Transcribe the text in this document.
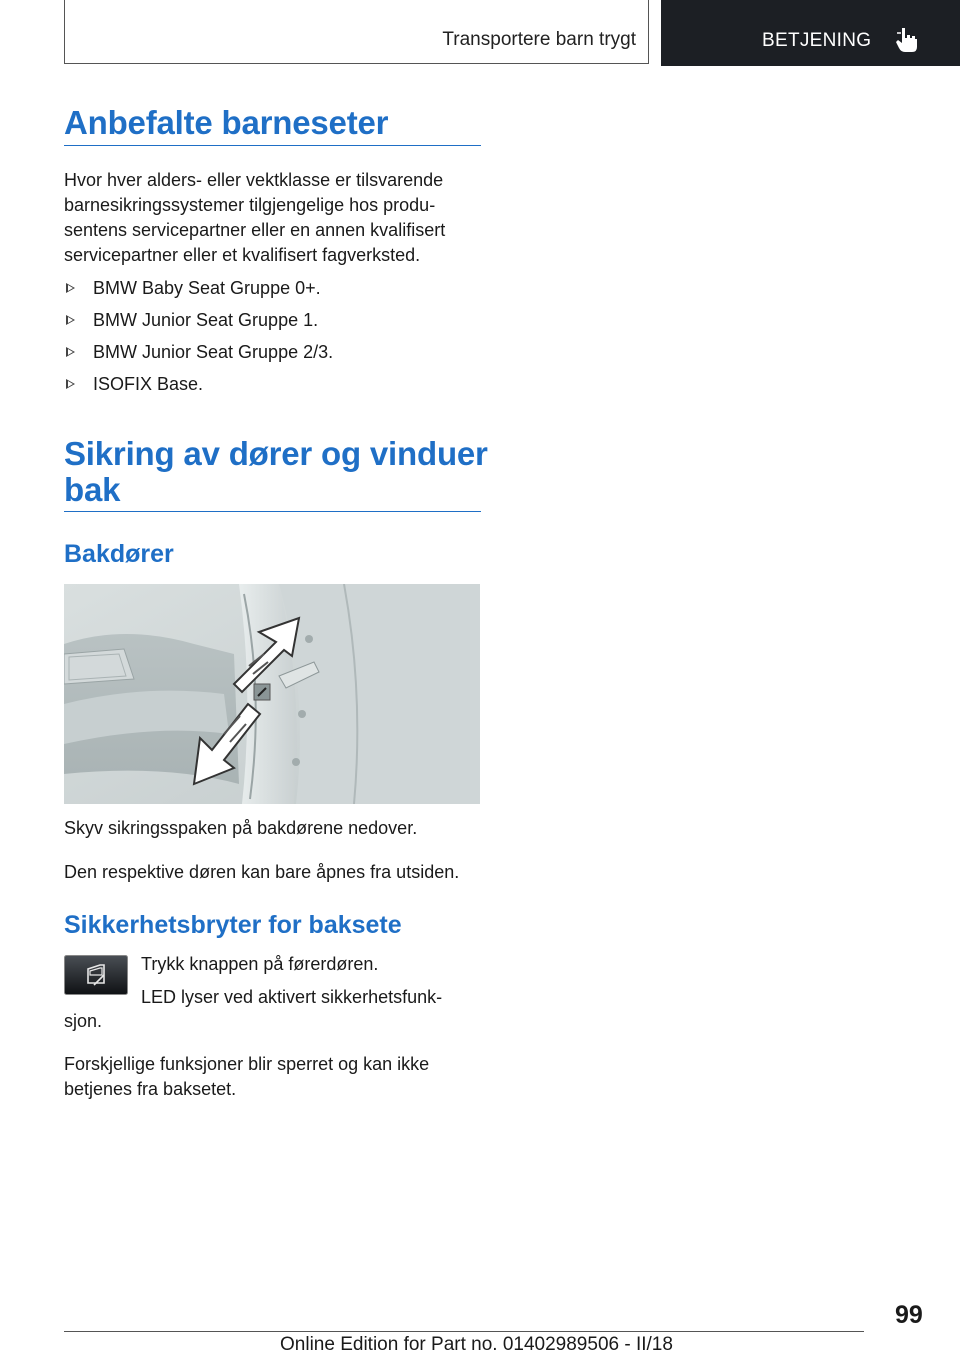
Transportere barn trygt	BETJENING
Anbefalte barneseter
Hvor hver alders- eller vektklasse er tilsvarende
barnesikringssystemer tilgjengelige hos produ-
sentens servicepartner eller en annen kvalifisert
servicepartner eller et kvalifisert fagverksted.
BMW Baby Seat Gruppe 0+.
BMW Junior Seat Gruppe 1.
BMW Junior Seat Gruppe 2/3.
ISOFIX Base.
Sikring av dører og vinduer
bak
Bakdører

Skyv sikringsspaken på bakdørene nedover.

Den respektive døren kan bare åpnes fra utsiden.

Sikkerhetsbryter for baksete
Trykk knappen på førerdøren.
LED lyser ved aktivert sikkerhetsfunk-
sjon.
Forskjellige funksjoner blir sperret og kan ikke
betjenes fra baksetet.
99
Online Edition for Part no. 01402989506 - II/18
